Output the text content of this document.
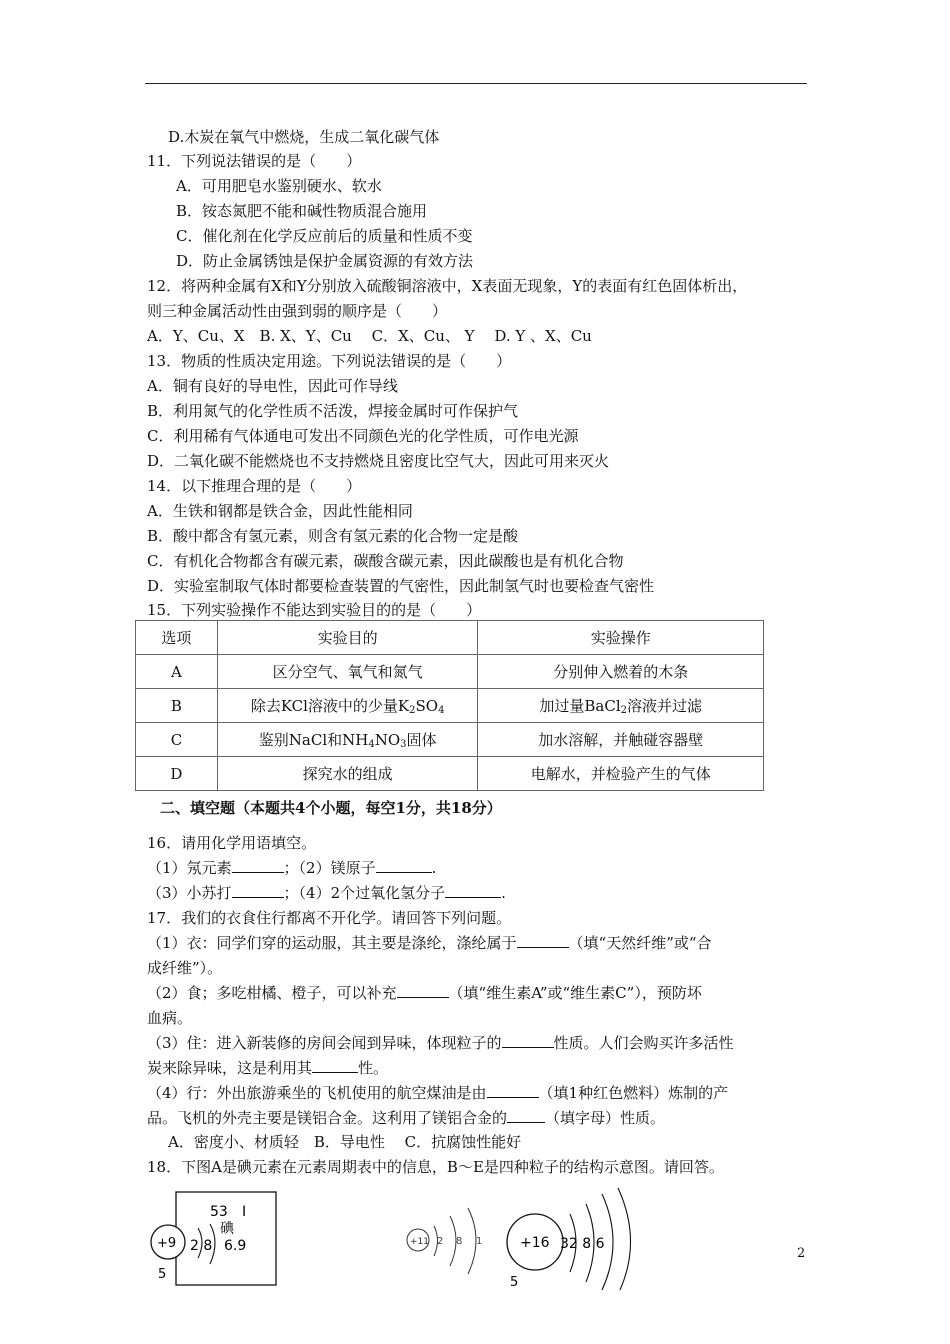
D.木炭在氧气中燃烧，生成二氧化碳气体
11．下列说法错误的是（　　）
A．可用肥皂水鉴别硬水、软水
B．铵态氮肥不能和碱性物质混合施用
C．催化剂在化学反应前后的质量和性质不变
D．防止金属锈蚀是保护金属资源的有效方法
12．将两种金属有X和Y分别放入硫酸铜溶液中，X表面无现象，Y的表面有红色固体析出，
则三种金属活动性由强到弱的顺序是（　　）
A．Y、Cu、X　B. X、Y、Cu　 C．X、Cu、 Y　 D. Y 、X、Cu
13．物质的性质决定用途。下列说法错误的是（　　）
A．铜有良好的导电性，因此可作导线
B．利用氮气的化学性质不活泼，焊接金属时可作保护气
C．利用稀有气体通电可发出不同颜色光的化学性质，可作电光源
D．二氧化碳不能燃烧也不支持燃烧且密度比空气大，因此可用来灭火
14．以下推理合理的是（　　）
A．生铁和钢都是铁合金，因此性能相同
B．酸中都含有氢元素，则含有氢元素的化合物一定是酸
C．有机化合物都含有碳元素，碳酸含碳元素，因此碳酸也是有机化合物
D．实验室制取气体时都要检查装置的气密性，因此制氢气时也要检查气密性
15．下列实验操作不能达到实验目的的是（　　）
选项	实验目的	实验操作
A	区分空气、氧气和氮气	分别伸入燃着的木条
B	除去KCl溶液中的少量$K_2SO_4$	加过量BaCl$_2$溶液并过滤
C	鉴别NaCl和$NH_4NO_3$固体	加水溶解，并触碰容器壁
D	探究水的组成	电解水，并检验产生的气体
二、填空题（本题共4个小题，每空1分，共18分）
16．请用化学用语填空。
（1）氖元素	；（2）镁原子	.
（3）小苏打	；（4）2个过氧化氢分子	.
17．我们的衣食住行都离不开化学。请回答下列问题。
（1）衣：同学们穿的运动服，其主要是涤纶，涤纶属于	（填“天然纤维”或“合
成纤维”）。
（2）食；多吃柑橘、橙子，可以补充	（填“维生素A”或“维生素C”），预防坏
血病。
（3）住：进入新装修的房间会闻到异味，体现粒子的	性质。人们会购买许多活性
炭来除异味，这是利用其	性。
（4）行：外出旅游乘坐的飞机使用的航空煤油是由	（填1种红色燃料）炼制的产
品。飞机的外壳主要是镁铝合金。这利用了镁铝合金的	（填字母）性质。
A．密度小、材质轻　B．导电性　 C．抗腐蚀性能好
18．下图A是碘元素在元素周期表中的信息，B～E是四种粒子的结构示意图。请回答。
53 I
碘
6.9
+9 2 8
5
+11 2 8 1	+16 32 8 6
5
2
